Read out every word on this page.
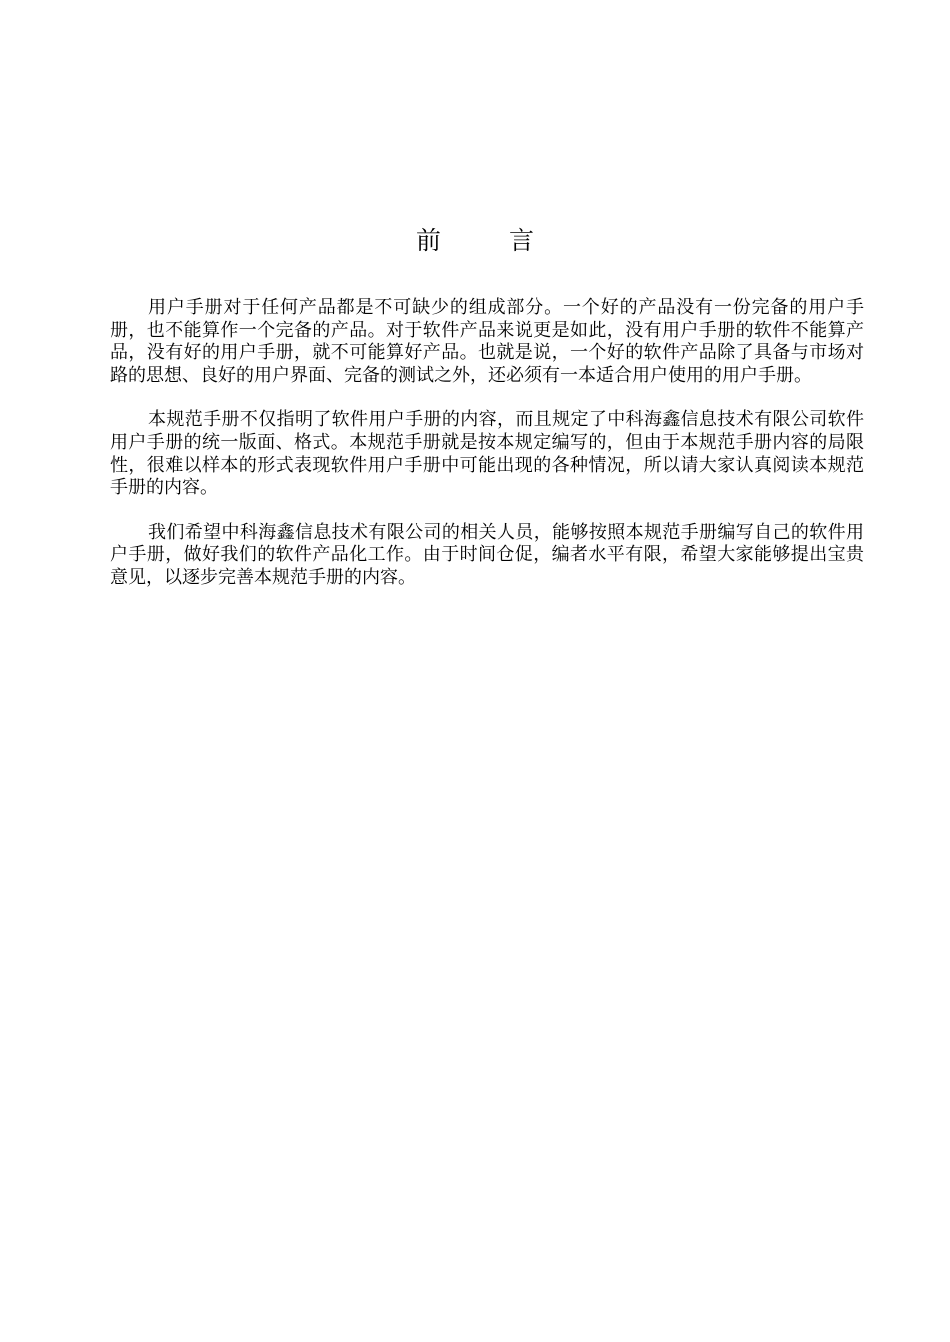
前 言

用户手册对于任何产品都是不可缺少的组成部分。一个好的产品没有一份完备的用户手册，也不能算作一个完备的产品。对于软件产品来说更是如此，没有用户手册的软件不能算产品，没有好的用户手册，就不可能算好产品。也就是说，一个好的软件产品除了具备与市场对路的思想、良好的用户界面、完备的测试之外，还必须有一本适合用户使用的用户手册。

本规范手册不仅指明了软件用户手册的内容，而且规定了中科海鑫信息技术有限公司软件用户手册的统一版面、格式。本规范手册就是按本规定编写的，但由于本规范手册内容的局限性，很难以样本的形式表现软件用户手册中可能出现的各种情况，所以请大家认真阅读本规范手册的内容。

我们希望中科海鑫信息技术有限公司的相关人员，能够按照本规范手册编写自己的软件用户手册，做好我们的软件产品化工作。由于时间仓促，编者水平有限，希望大家能够提出宝贵意见，以逐步完善本规范手册的内容。
